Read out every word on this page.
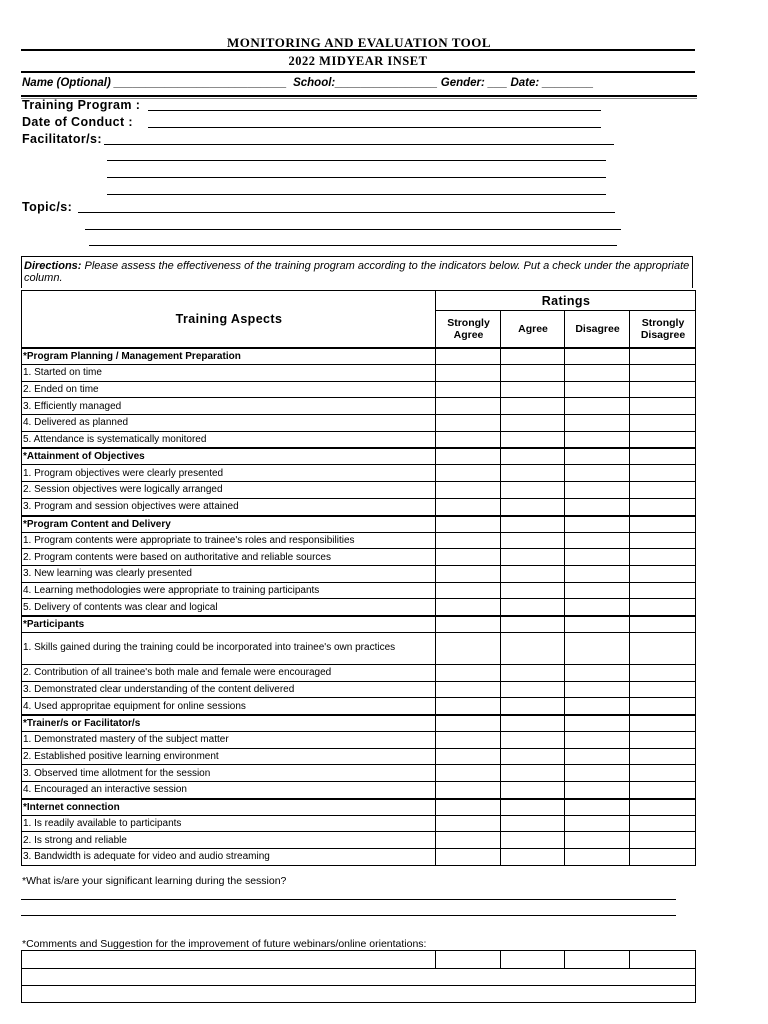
MONITORING AND EVALUATION TOOL
2022 MIDYEAR INSET
Name (Optional) ___________________________  School:________________ Gender: ___ Date: ________
Training Program :
Date of Conduct :
Facilitator/s:
Topic/s:
Directions: Please assess the effectiveness of the training program according to the indicators below. Put a check under the appropriate column.
Training Aspects	Ratings			
	Strongly Agree	Agree	Disagree	Strongly Disagree
*Program Planning / Management Preparation				
1. Started on time				
2. Ended on time				
3. Efficiently managed				
4. Delivered as planned				
5. Attendance is systematically monitored				
*Attainment of Objectives				
1. Program objectives were clearly presented				
2. Session objectives were logically arranged				
3. Program and session objectives were attained				
*Program Content and Delivery				
1. Program contents were appropriate to trainee's roles and responsibilities				
2. Program contents were based on authoritative and reliable sources				
3. New learning was clearly presented				
4. Learning methodologies were appropriate to training participants				
5. Delivery of contents was clear and logical				
*Participants				
1. Skills gained during the training could be incorporated into trainee's own practices				
2. Contribution of all trainee's both male and female were encouraged				
3. Demonstrated clear understanding of the content delivered				
4. Used appropritae equipment for online sessions				
*Trainer/s or Facilitator/s				
1. Demonstrated mastery of the subject matter				
2. Established positive learning environment				
3. Observed time allotment for the session				
4. Encouraged an interactive session				
*Internet connection				
1. Is readily available to participants				
2. Is strong and reliable				
3. Bandwidth is adequate for video and audio streaming				
*What is/are your significant learning during the session?
*Comments and Suggestion for the improvement of future webinars/online orientations:
